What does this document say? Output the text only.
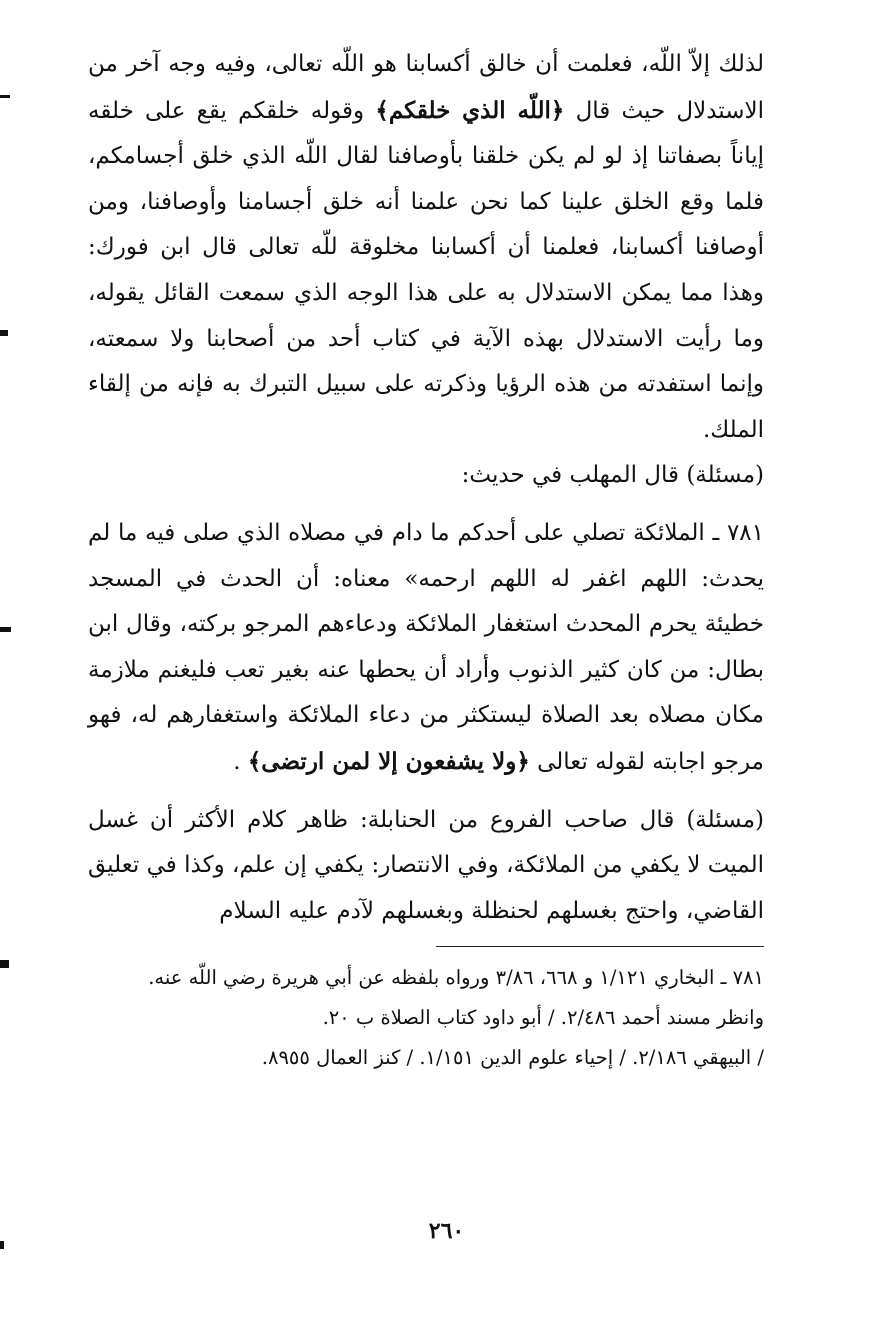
لذلك إلاّ اللّه، فعلمت أن خالق أكسابنا هو اللّه تعالى، وفيه وجه آخر من الاستدلال حيث قال ﴿اللّه الذي خلقكم﴾ وقوله خلقكم يقع على خلقه إياناً بصفاتنا إذ لو لم يكن خلقنا بأوصافنا لقال اللّه الذي خلق أجسامكم، فلما وقع الخلق علينا كما نحن علمنا أنه خلق أجسامنا وأوصافنا، ومن أوصافنا أكسابنا، فعلمنا أن أكسابنا مخلوقة للّه تعالى قال ابن فورك: وهذا مما يمكن الاستدلال به على هذا الوجه الذي سمعت القائل يقوله، وما رأيت الاستدلال بهذه الآية في كتاب أحد من أصحابنا ولا سمعته، وإنما استفدته من هذه الرؤيا وذكرته على سبيل التبرك به فإنه من إلقاء الملك.

(مسئلة) قال المهلب في حديث:

٧٨١ ـ الملائكة تصلي على أحدكم ما دام في مصلاه الذي صلى فيه ما لم يحدث: اللهم اغفر له اللهم ارحمه» معناه: أن الحدث في المسجد خطيئة يحرم المحدث استغفار الملائكة ودعاءهم المرجو بركته، وقال ابن بطال: من كان كثير الذنوب وأراد أن يحطها عنه بغير تعب فليغنم ملازمة مكان مصلاه بعد الصلاة ليستكثر من دعاء الملائكة واستغفارهم له، فهو مرجو اجابته لقوله تعالى ﴿ولا يشفعون إلا لمن ارتضى﴾ .

(مسئلة) قال صاحب الفروع من الحنابلة: ظاهر كلام الأكثر أن غسل الميت لا يكفي من الملائكة، وفي الانتصار: يكفي إن علم، وكذا في تعليق القاضي، واحتج بغسلهم لحنظلة وبغسلهم لآدم عليه السلام

٧٨١ ـ البخاري ١/١٢١ و ٦٦٨، ٣/٨٦ ورواه بلفظه عن أبي هريرة رضي اللّه عنه.

وانظر مسند أحمد ٢/٤٨٦. / أبو داود كتاب الصلاة ب ٢٠.

/ البيهقي ٢/١٨٦. / إحياء علوم الدين ١/١٥١. / كنز العمال ٨٩٥٥.

٢٦٠
